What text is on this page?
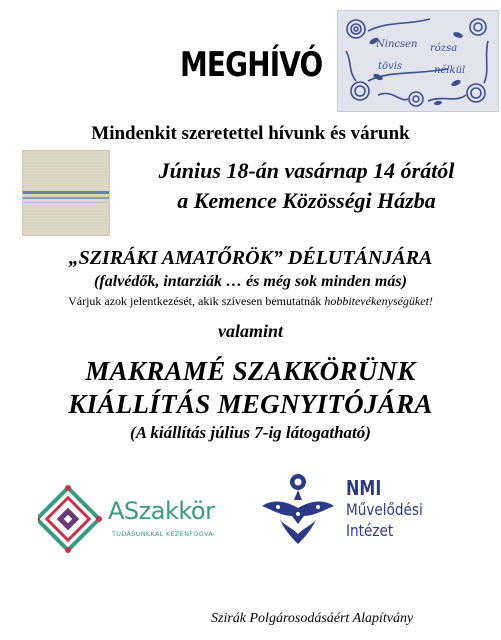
MEGHÍVÓ
Nincsen rózsa
tövis	nélkül
Mindenkit szeretettel hívunk és várunk
Június 18-án vasárnap 14 órától
a Kemence Közösségi Házba
„SZIRÁKI AMATŐRÖK” DÉLUTÁNJÁRA
(falvédők, intarziák … és még sok minden más)
Várjuk azok jelentkezését, akik szívesen bemutatnák hobbitevékenységüket!
valamint
MAKRAMÉ SZAKKÖRÜNK
KIÁLLÍTÁS MEGNYITÓJÁRA
(A kiállítás július 7-ig látogatható)
ASzakkör
TUDÁSUNKKAL KÉZENFOGVA
NMI
Művelődési
Intézet
Szirák Polgárosodásáért Alapítvány
